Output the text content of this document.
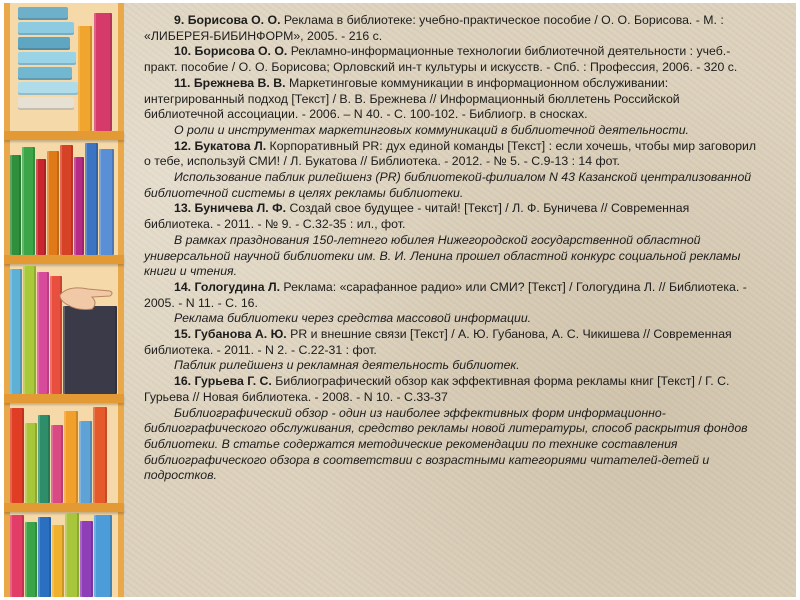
9. Борисова О. О. Реклама в библиотеке: учебно-практическое пособие / О. О. Борисова. - М. : «ЛИБЕРЕЯ-БИБИНФОРМ», 2005. - 216 с.

10. Борисова О. О. Рекламно-информационные технологии библиотечной деятельности : учеб.-практ. пособие / О. О. Борисова; Орловский ин-т культуры и искусств. - Спб. : Профессия, 2006. - 320 с.

11. Брежнева В. В. Маркетинговые коммуникации в информационном обслуживании: интегрированный подход [Текст] / В. В. Брежнева // Информационный бюллетень Российской библиотечной ассоциации. - 2006. – N 40. - С. 100-102. - Библиогр. в сносках.

О роли и инструментах маркетинговых коммуникаций в библиотечной деятельности.

12. Букатова Л. Корпоративный PR: дух единой команды [Текст] : если хочешь, чтобы мир заговорил о тебе, используй СМИ! / Л. Букатова // Библиотека. - 2012. - № 5. - С.9-13 : 14 фот.

Использование паблик рилейшенз (PR) библиотекой-филиалом N 43 Казанской централизованной библиотечной системы в целях рекламы библиотеки.

13. Буничева Л. Ф. Создай свое будущее - читай! [Текст] / Л. Ф. Буничева // Современная библиотека. - 2011. - № 9. - С.32-35 : ил., фот.

В рамках празднования 150-летнего юбилея Нижегородской государственной областной универсальной научной библиотеки им. В. И. Ленина прошел областной конкурс социальной рекламы книги и чтения.

14. Гологудина Л. Реклама: «сарафанное радио» или СМИ? [Текст] / Гологудина Л. // Библиотека. - 2005. - N 11. - С. 16.

Реклама библиотеки через средства массовой информации.

15. Губанова А. Ю. PR и внешние связи [Текст] / А. Ю. Губанова, А. С. Чикишева // Современная библиотека. - 2011. - N 2. - С.22-31 : фот.

Паблик рилейшенз и рекламная деятельность библиотек.

16. Гурьева Г. С. Библиографический обзор как эффективная форма рекламы книг [Текст] / Г. С. Гурьева // Новая библиотека. - 2008. - N 10. - С.33-37

Библиографический обзор - один из наиболее эффективных форм информационно-библиографического обслуживания, средство рекламы новой литературы, способ раскрытия фондов библиотеки. В статье содержатся методические рекомендации по технике составления библиографического обзора в соответствии с возрастными категориями читателей-детей и подростков.
